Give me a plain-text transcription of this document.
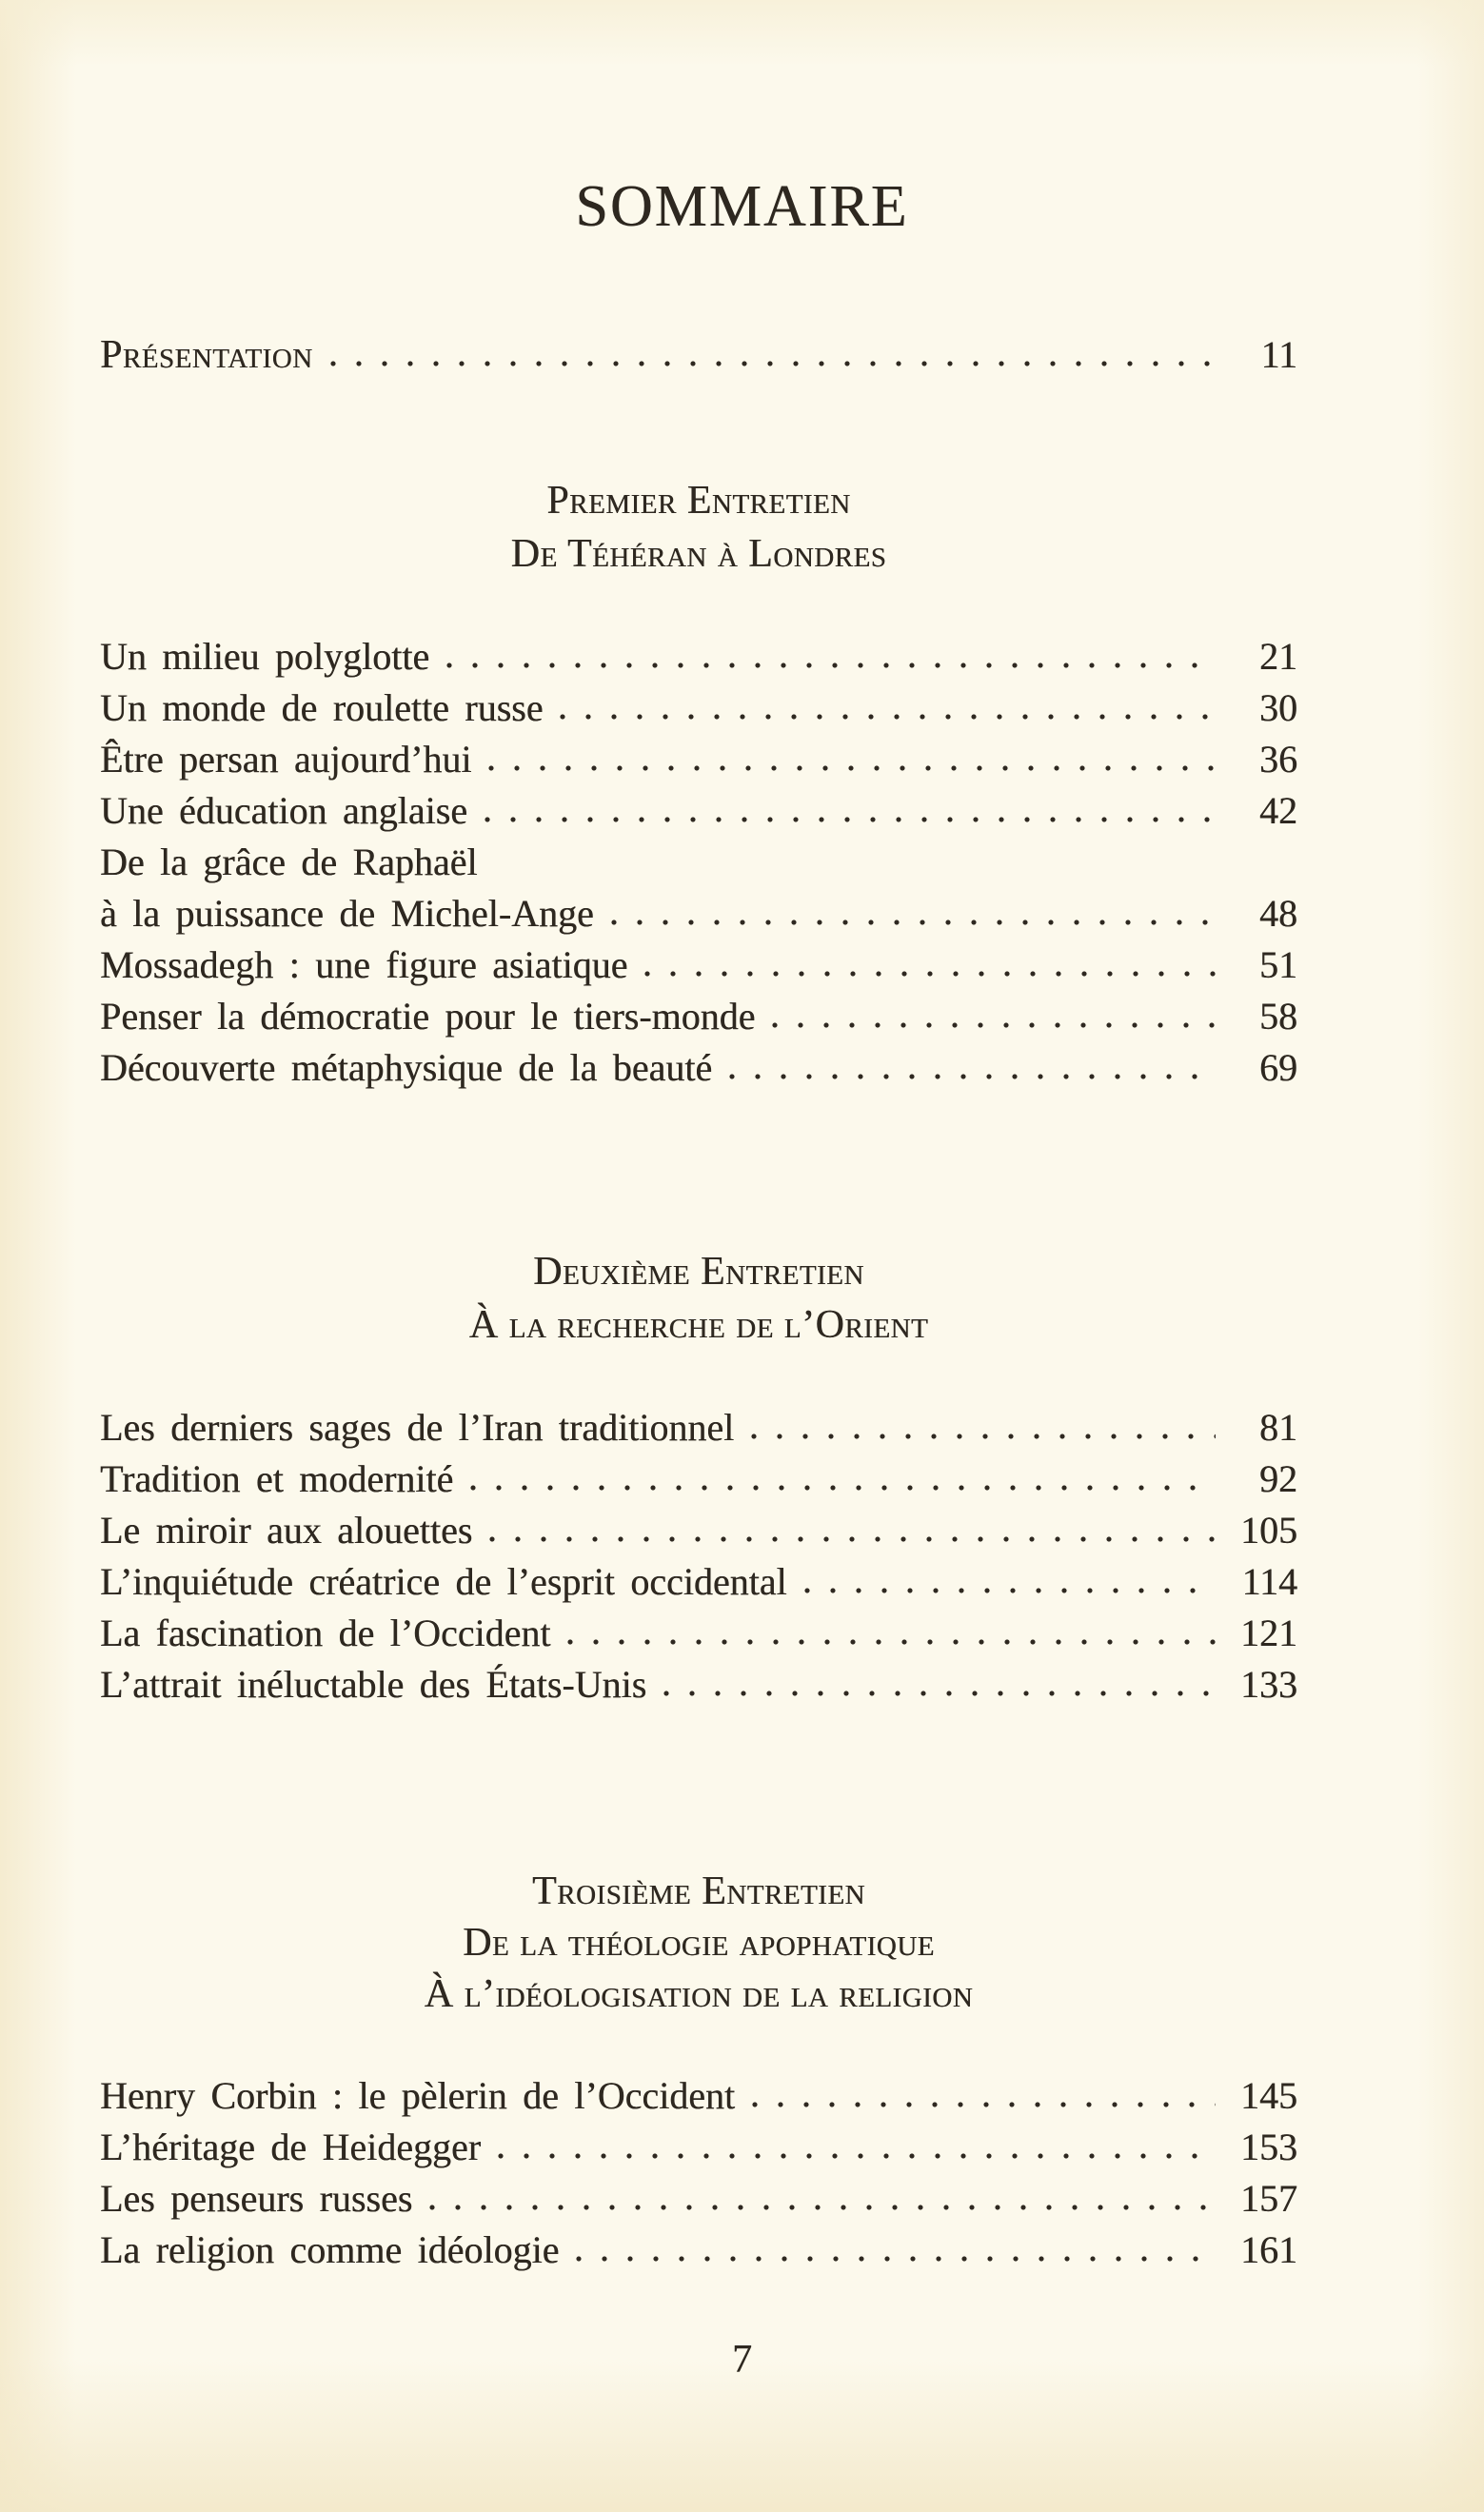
SOMMAIRE
Présentation	11
Premier Entretien
De Téhéran à Londres
Un milieu polyglotte	21
Un monde de roulette russe	30
Être persan aujourd’hui	36
Une éducation anglaise	42
De la grâce de Raphaël
à la puissance de Michel-Ange	48
Mossadegh : une figure asiatique	51
Penser la démocratie pour le tiers-monde	58
Découverte métaphysique de la beauté	69
Deuxième Entretien
À la recherche de l’Orient
Les derniers sages de l’Iran traditionnel	81
Tradition et modernité	92
Le miroir aux alouettes	105
L’inquiétude créatrice de l’esprit occidental	114
La fascination de l’Occident	121
L’attrait inéluctable des États-Unis	133
Troisième Entretien
De la théologie apophatique
À l’idéologisation de la religion
Henry Corbin : le pèlerin de l’Occident	145
L’héritage de Heidegger	153
Les penseurs russes	157
La religion comme idéologie	161
7
